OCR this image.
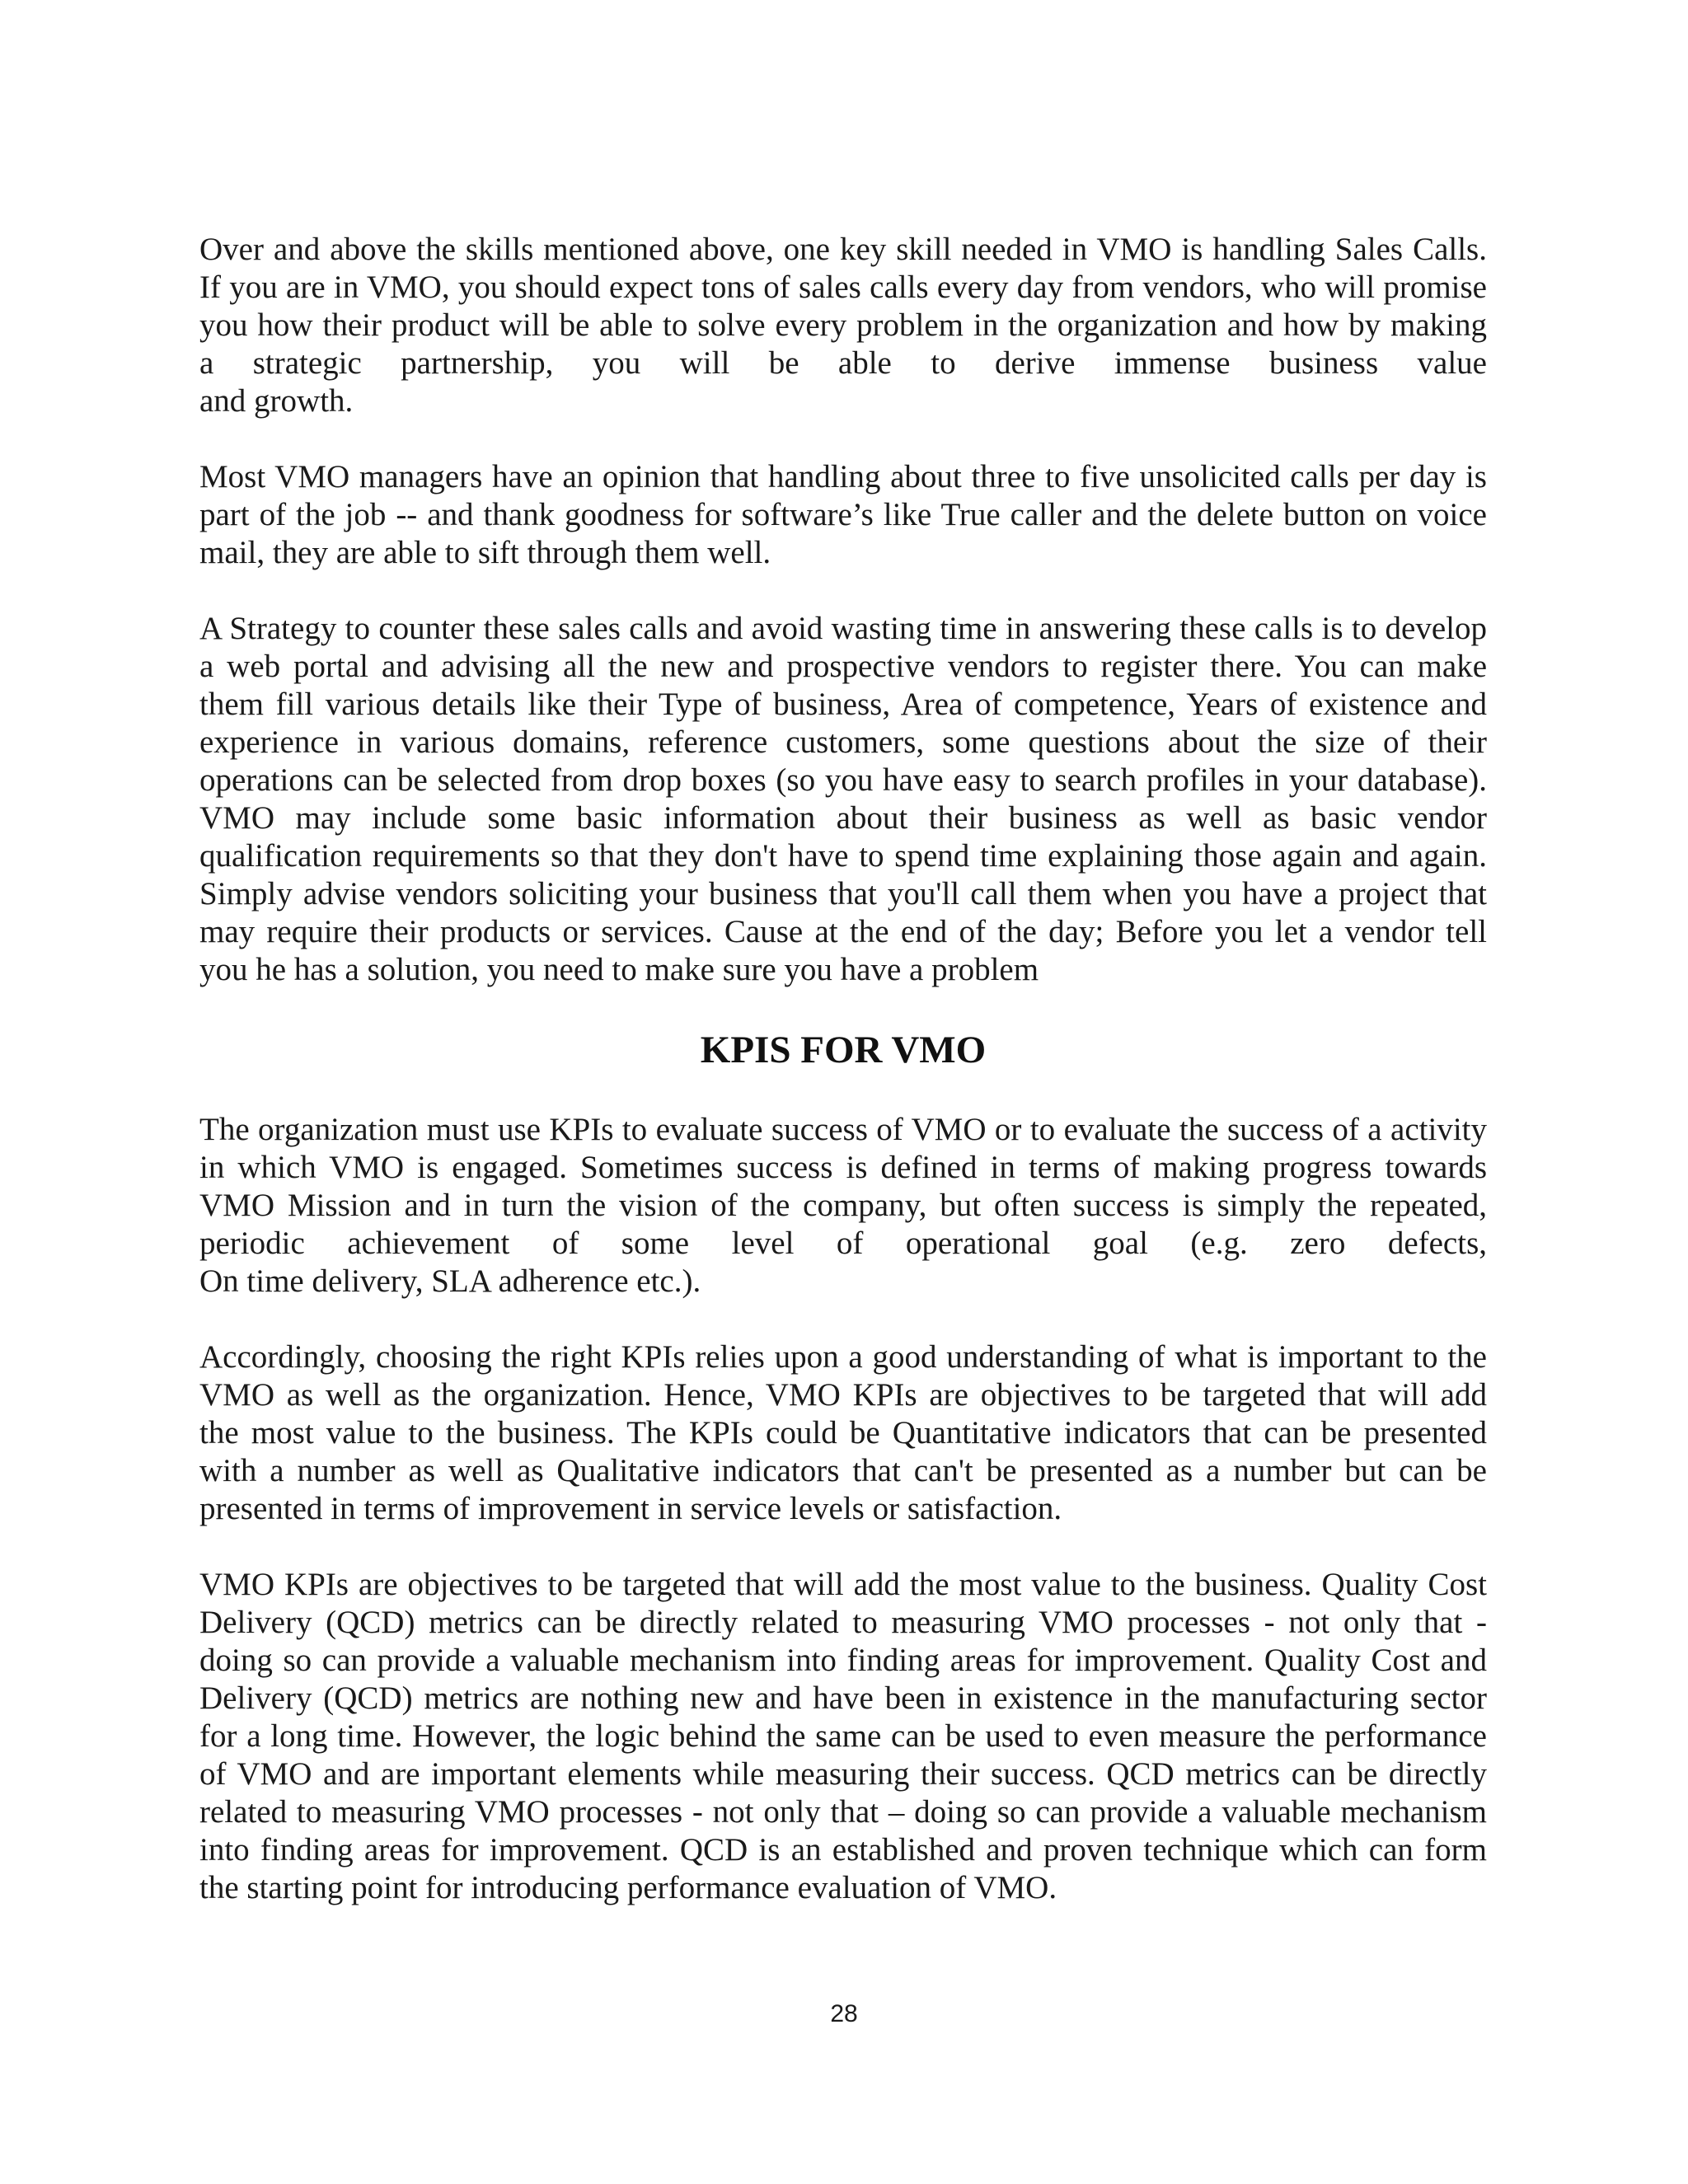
Over and above the skills mentioned above, one key skill needed in VMO is handling Sales Calls.
If you are in VMO, you should expect tons of sales calls every day from vendors, who will promise
you how their product will be able to solve every problem in the organization and how by making
a strategic partnership, you will be able to derive immense business value
and growth.

Most VMO managers have an opinion that handling about three to five unsolicited calls per day is
part of the job -- and thank goodness for software’s like True caller and the delete button on voice
mail, they are able to sift through them well.

A Strategy to counter these sales calls and avoid wasting time in answering these calls is to develop
a web portal and advising all the new and prospective vendors to register there. You can make
them fill various details like their Type of business, Area of competence, Years of existence and
experience in various domains, reference customers, some questions about the size of their
operations can be selected from drop boxes (so you have easy to search profiles in your database).
VMO may include some basic information about their business as well as basic vendor
qualification requirements so that they don't have to spend time explaining those again and again.
Simply advise vendors soliciting your business that you'll call them when you have a project that
may require their products or services. Cause at the end of the day; Before you let a vendor tell
you he has a solution, you need to make sure you have a problem

KPIS FOR VMO

The organization must use KPIs to evaluate success of VMO or to evaluate the success of a activity
in which VMO is engaged. Sometimes success is defined in terms of making progress towards
VMO Mission and in turn the vision of the company, but often success is simply the repeated,
periodic achievement of some level of operational goal (e.g. zero defects,
On time delivery, SLA adherence etc.).

Accordingly, choosing the right KPIs relies upon a good understanding of what is important to the
VMO as well as the organization. Hence, VMO KPIs are objectives to be targeted that will add
the most value to the business. The KPIs could be Quantitative indicators that can be presented
with a number as well as Qualitative indicators that can't be presented as a number but can be
presented in terms of improvement in service levels or satisfaction.

VMO KPIs are objectives to be targeted that will add the most value to the business. Quality Cost
Delivery (QCD) metrics can be directly related to measuring VMO processes - not only that -
doing so can provide a valuable mechanism into finding areas for improvement. Quality Cost and
Delivery (QCD) metrics are nothing new and have been in existence in the manufacturing sector
for a long time. However, the logic behind the same can be used to even measure the performance
of VMO and are important elements while measuring their success. QCD metrics can be directly
related to measuring VMO processes - not only that – doing so can provide a valuable mechanism
into finding areas for improvement. QCD is an established and proven technique which can form
the starting point for introducing performance evaluation of VMO.

28
